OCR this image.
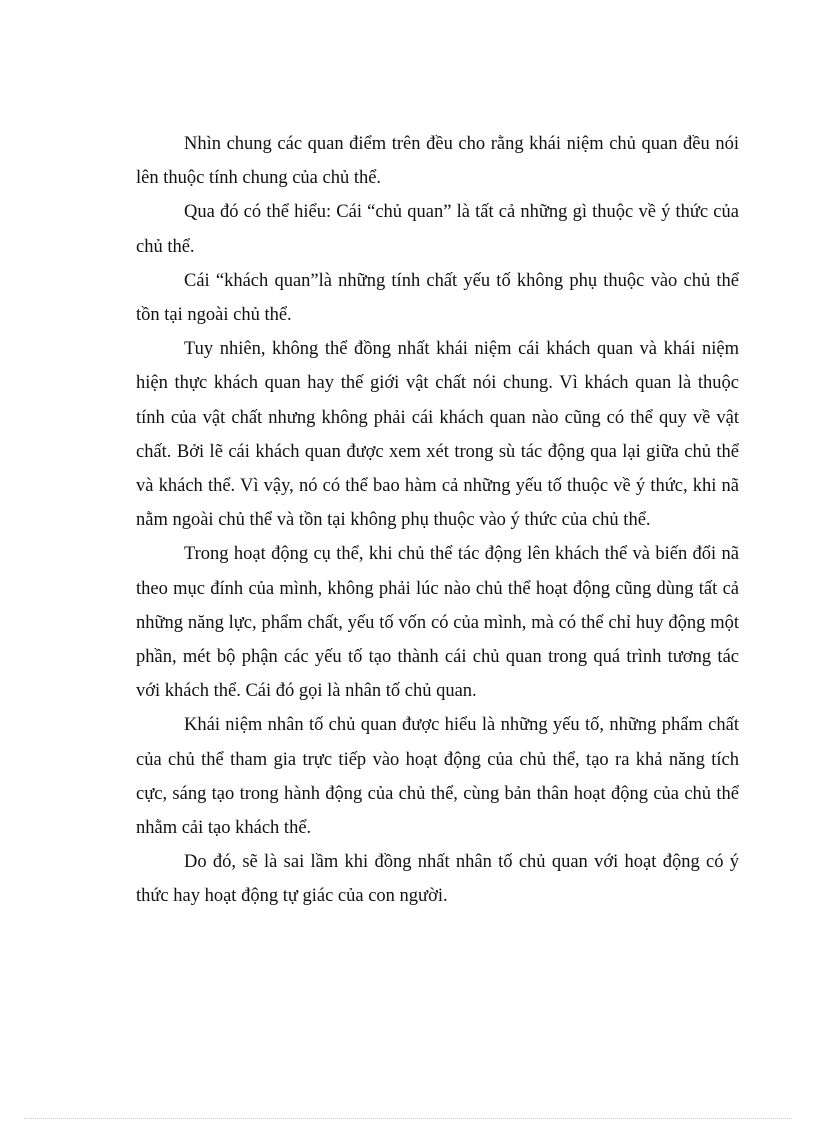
Nhìn chung các quan điểm trên đều cho rằng khái niệm chủ quan đều nói lên thuộc tính chung của chủ thể.

Qua đó có thể hiểu: Cái “chủ quan” là tất cả những gì thuộc về ý thức của chủ thể.

Cái “khách quan”là những tính chất yếu tố không phụ thuộc vào chủ thể tồn tại ngoài chủ thể.

Tuy nhiên, không thể đồng nhất khái niệm cái khách quan và khái niệm hiện thực khách quan hay thế giới vật chất nói chung. Vì khách quan là thuộc tính của vật chất nhưng không phải cái khách quan nào cũng có thể quy về vật chất. Bởi lẽ cái khách quan được xem xét trong sù tác động qua lại giữa chủ thể và khách thể. Vì vậy, nó có thể bao hàm cả những yếu tố thuộc về ý thức, khi nã nằm ngoài chủ thể và tồn tại không phụ thuộc vào ý thức của chủ thể.

Trong hoạt động cụ thể, khi chủ thể tác động lên khách thể và biến đổi nã theo mục đính của mình, không phải lúc nào chủ thể hoạt động cũng dùng tất cả những năng lực, phẩm chất, yếu tố vốn có của mình, mà có thể chỉ huy động một phần, mét bộ phận các yếu tố tạo thành cái chủ quan trong quá trình tương tác với khách thể. Cái đó gọi là nhân tố chủ quan.

Khái niệm nhân tố chủ quan được hiểu là những yếu tố, những phẩm chất của chủ thể tham gia trực tiếp vào hoạt động của chủ thể, tạo ra khả năng tích cực, sáng tạo trong hành động của chủ thể, cùng bản thân hoạt động của chủ thể nhằm cải tạo khách thể.

Do đó, sẽ là sai lầm khi đồng nhất nhân tố chủ quan với hoạt động có ý thức hay hoạt động tự giác của con người.
